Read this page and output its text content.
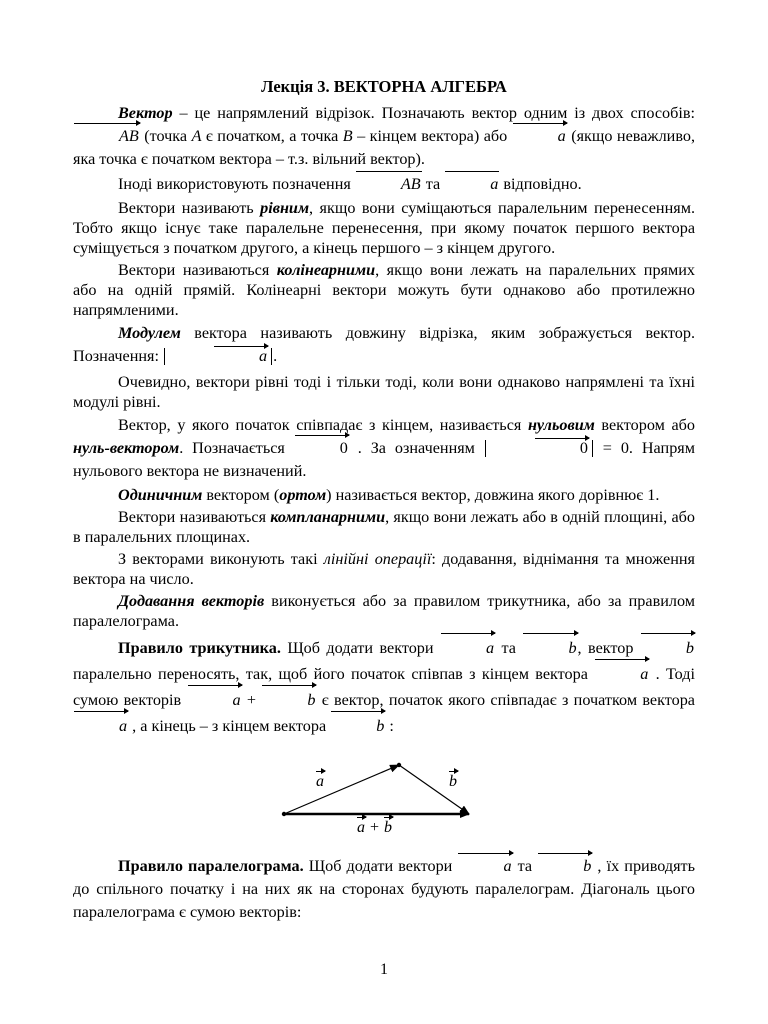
Лекція 3. ВЕКТОРНА АЛГЕБРА

Вектор – це напрямлений відрізок. Позначають вектор одним із двох способів: AB (точка A є початком, а точка B – кінцем вектора) або	a (якщо неважливо, яка точка є початком вектора – т.з. вільний вектор).

Іноді використовують позначення	AB та	a відповідно.

Вектори називають рівним, якщо вони суміщаються паралельним перенесенням. Тобто якщо існує таке паралельне перенесення, при якому початок першого вектора суміщується з початком другого, а кінець першого – з кінцем другого.

Вектори називаються колінеарними, якщо вони лежать на паралельних прямих або на одній прямій. Колінеарні вектори можуть бути однаково або протилежно напрямленими.

Модулем вектора називають довжину відрізка, яким зображується вектор. Позначення:	a .

Очевидно, вектори рівні тоді і тільки тоді, коли вони однаково напрямлені та їхні модулі рівні.

Вектор, у якого початок співпадає з кінцем, називається нульовим вектором або нуль-вектором. Позначається	0 . За означенням	0 = 0. Напрям нульового вектора не визначений.

Одиничним вектором (ортом) називається вектор, довжина якого дорівнює 1.

Вектори називаються компланарними, якщо вони лежать або в одній площині, або в паралельних площинах.

З векторами виконують такі лінійні операції: додавання, віднімання та множення вектора на число.

Додавання векторів виконується або за правилом трикутника, або за правилом паралелограма.

Правило трикутника. Щоб додати вектори	a та	b, вектор	b паралельно переносять, так, щоб його початок співпав з кінцем вектора	a . Тоді сумою векторів	a +	b є вектор, початок якого співпадає з початком вектора a , а кінець – з кінцем вектора	b :

a	b
a + b

Правило паралелограма. Щоб додати вектори	a та	b , їх приводять до спільного початку і на них як на сторонах будують паралелограм. Діагональ цього паралелограма є сумою векторів:

1
